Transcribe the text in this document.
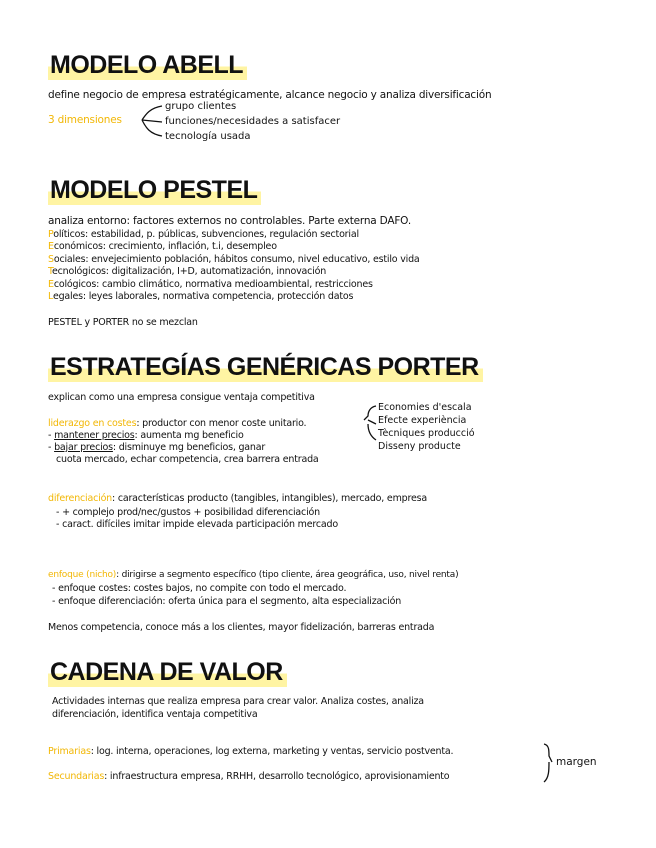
MODELO ABELL
define negocio de empresa estratégicamente, alcance negocio y analiza diversificación
3 dimensiones
grupo clientes
funciones/necesidades a satisfacer
tecnología usada
MODELO PESTEL
analiza entorno: factores externos no controlables. Parte externa DAFO.
Políticos: estabilidad, p. públicas, subvenciones, regulación sectorial
Económicos: crecimiento, inflación, t.i, desempleo
Sociales: envejecimiento población, hábitos consumo, nivel educativo, estilo vida
Tecnológicos: digitalización, I+D, automatización, innovación
Ecológicos: cambio climático, normativa medioambiental, restricciones
Legales: leyes laborales, normativa competencia, protección datos
PESTEL y PORTER no se mezclan
ESTRATEGÍAS GENÉRICAS PORTER
explican como una empresa consigue ventaja competitiva
liderazgo en costes: productor con menor coste unitario.
- mantener precios: aumenta mg beneficio
- bajar precios: disminuye mg beneficios, ganar
cuota mercado, echar competencia, crea barrera entrada
Economies d'escala
Efecte experiència
Tècniques producció
Disseny producte
diferenciación: características producto (tangibles, intangibles), mercado, empresa
- + complejo prod/nec/gustos + posibilidad diferenciación
- caract. difíciles imitar impide elevada participación mercado
enfoque (nicho): dirigirse a segmento específico (tipo cliente, área geográfica, uso, nivel renta)
- enfoque costes: costes bajos, no compite con todo el mercado.
- enfoque diferenciación: oferta única para el segmento, alta especialización
Menos competencia, conoce más a los clientes, mayor fidelización, barreras entrada
CADENA DE VALOR
Actividades internas que realiza empresa para crear valor. Analiza costes, analiza
diferenciación, identifica ventaja competitiva
Primarias: log. interna, operaciones, log externa, marketing y ventas, servicio postventa.
Secundarias: infraestructura empresa, RRHH, desarrollo tecnológico, aprovisionamiento
margen
